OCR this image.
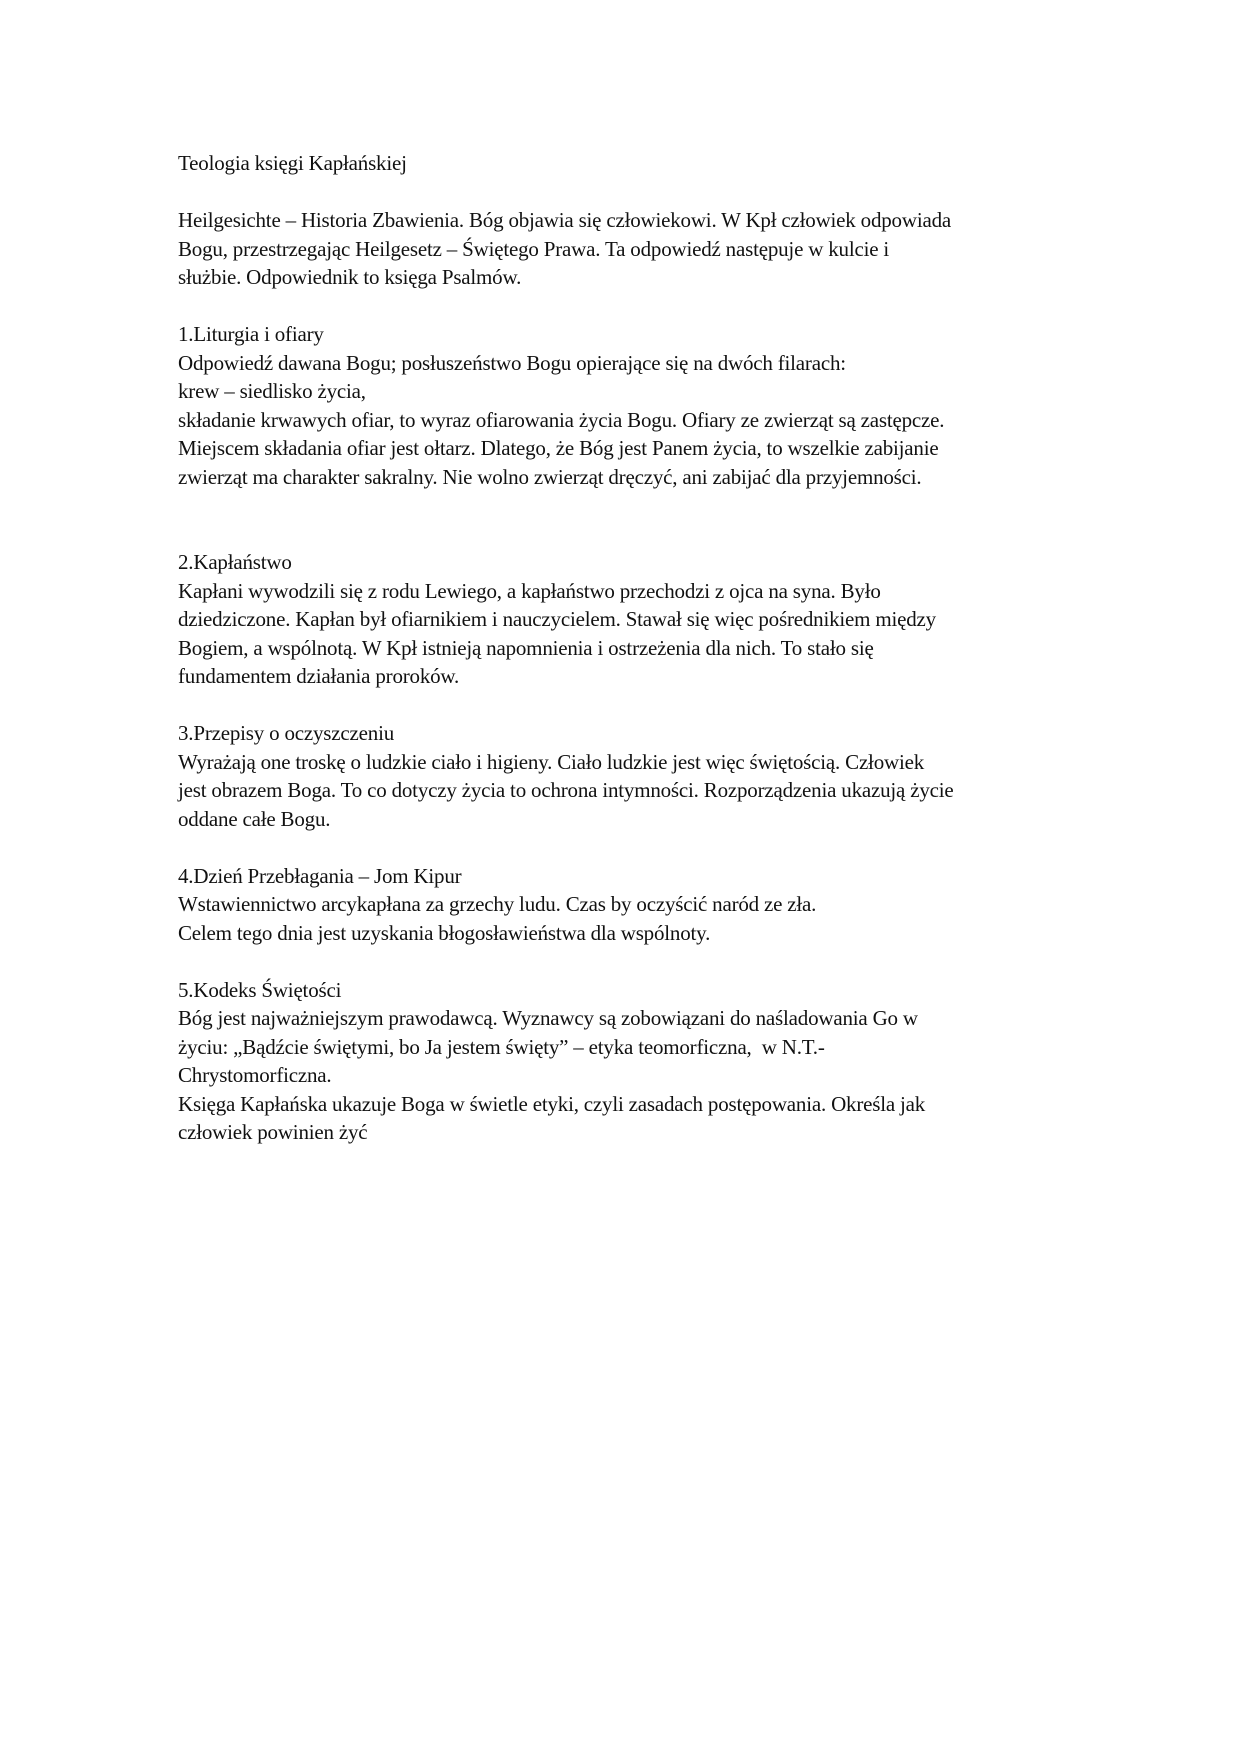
Teologia księgi Kapłańskiej
Heilgesichte – Historia Zbawienia. Bóg objawia się człowiekowi. W Kpł człowiek odpowiada
Bogu, przestrzegając Heilgesetz – Świętego Prawa. Ta odpowiedź następuje w kulcie i
służbie. Odpowiednik to księga Psalmów.
1.Liturgia i ofiary
Odpowiedź dawana Bogu; posłuszeństwo Bogu opierające się na dwóch filarach:
krew – siedlisko życia,
składanie krwawych ofiar, to wyraz ofiarowania życia Bogu. Ofiary ze zwierząt są zastępcze.
Miejscem składania ofiar jest ołtarz. Dlatego, że Bóg jest Panem życia, to wszelkie zabijanie
zwierząt ma charakter sakralny. Nie wolno zwierząt dręczyć, ani zabijać dla przyjemności.
2.Kapłaństwo
Kapłani wywodzili się z rodu Lewiego, a kapłaństwo przechodzi z ojca na syna. Było
dziedziczone. Kapłan był ofiarnikiem i nauczycielem. Stawał się więc pośrednikiem między
Bogiem, a wspólnotą. W Kpł istnieją napomnienia i ostrzeżenia dla nich. To stało się
fundamentem działania proroków.
3.Przepisy o oczyszczeniu
Wyrażają one troskę o ludzkie ciało i higieny. Ciało ludzkie jest więc świętością. Człowiek
jest obrazem Boga. To co dotyczy życia to ochrona intymności. Rozporządzenia ukazują życie
oddane całe Bogu.
4.Dzień Przebłagania – Jom Kipur
Wstawiennictwo arcykapłana za grzechy ludu. Czas by oczyścić naród ze zła.
Celem tego dnia jest uzyskania błogosławieństwa dla wspólnoty.
5.Kodeks Świętości
Bóg jest najważniejszym prawodawcą. Wyznawcy są zobowiązani do naśladowania Go w
życiu: „Bądźcie świętymi, bo Ja jestem święty” – etyka teomorficzna,  w N.T.-
Chrystomorficzna.
Księga Kapłańska ukazuje Boga w świetle etyki, czyli zasadach postępowania. Określa jak
człowiek powinien żyć
